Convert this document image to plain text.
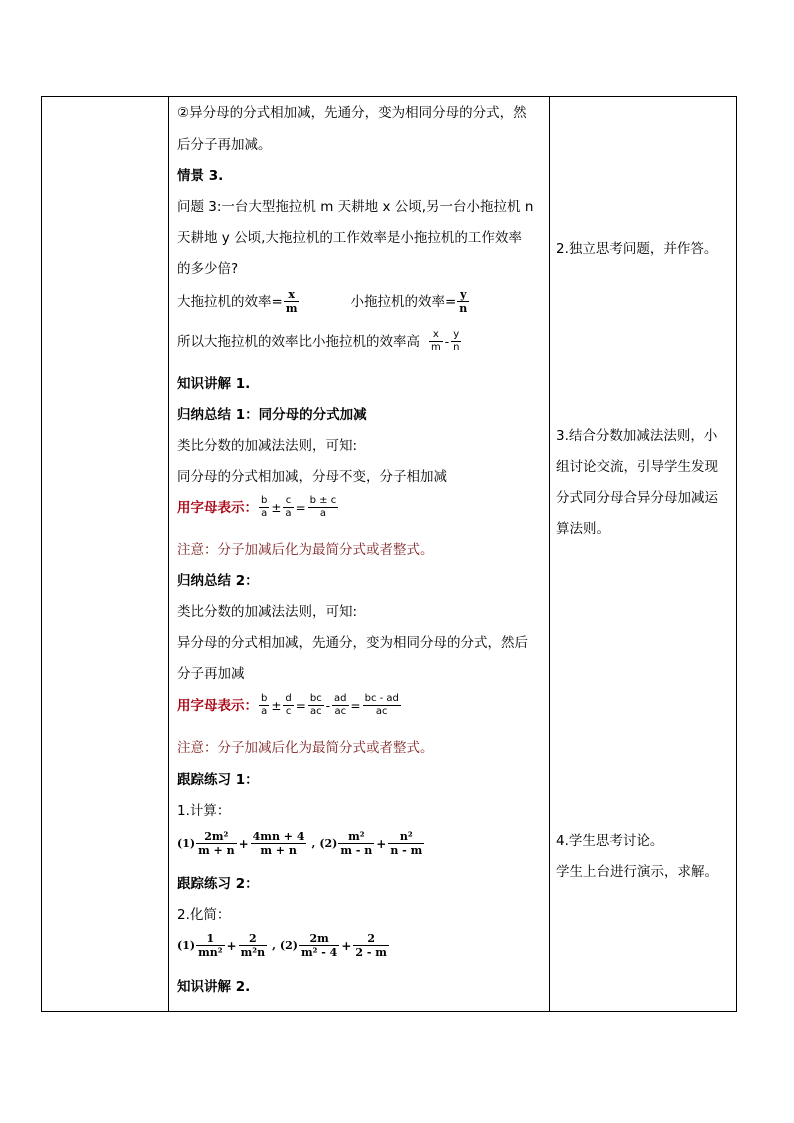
②异分母的分式相加减，先通分，变为相同分母的分式，然
后分子再加减。
情景 3.
问题 3:一台大型拖拉机 m 天耕地 x 公顷,另一台小拖拉机 n
天耕地 y 公顷,大拖拉机的工作效率是小拖拉机的工作效率
的多少倍?
大拖拉机的效率= $\frac{x}{m}$	小拖拉机的效率= $\frac{y}{n}$
所以大拖拉机的效率比小拖拉机的效率高 $\frac{x}{m} - \frac{y}{n}$
知识讲解 1.
归纳总结 1：同分母的分式加减
类比分数的加减法法则，可知:
同分母的分式相加减，分母不变，分子相加减
用字母表示： $\frac{b}{a} \pm \frac{c}{a} = \frac{b \pm c}{a}$
注意：分子加减后化为最简分式或者整式。
归纳总结 2：
类比分数的加减法法则，可知:
异分母的分式相加减，先通分，变为相同分母的分式，然后
分子再加减
用字母表示： $\frac{b}{a} \pm \frac{d}{c} = \frac{bc}{ac} - \frac{ad}{ac} = \frac{bc - ad}{ac}$
注意：分子加减后化为最简分式或者整式。
跟踪练习 1：
1.计算：
$(1) \frac{\text{2m²}}{m + n} + \frac{4mn + 4}{m + n}$ , $(2) \frac{\text{m²}}{m - n} + \frac{\text{n²}}{n - m}$
跟踪练习 2：
2.化简：
$(1) \frac{1}{\text{mn²}} + \frac{2}{\text{m²n}}$ , $(2) \frac{2m}{\text{m² - 4}} + \frac{2}{2 - m}$
知识讲解 2.
2.独立思考问题，并作答。
3.结合分数加减法法则，小
组讨论交流，引导学生发现
分式同分母合异分母加减运
算法则。
4.学生思考讨论。
学生上台进行演示，求解。
